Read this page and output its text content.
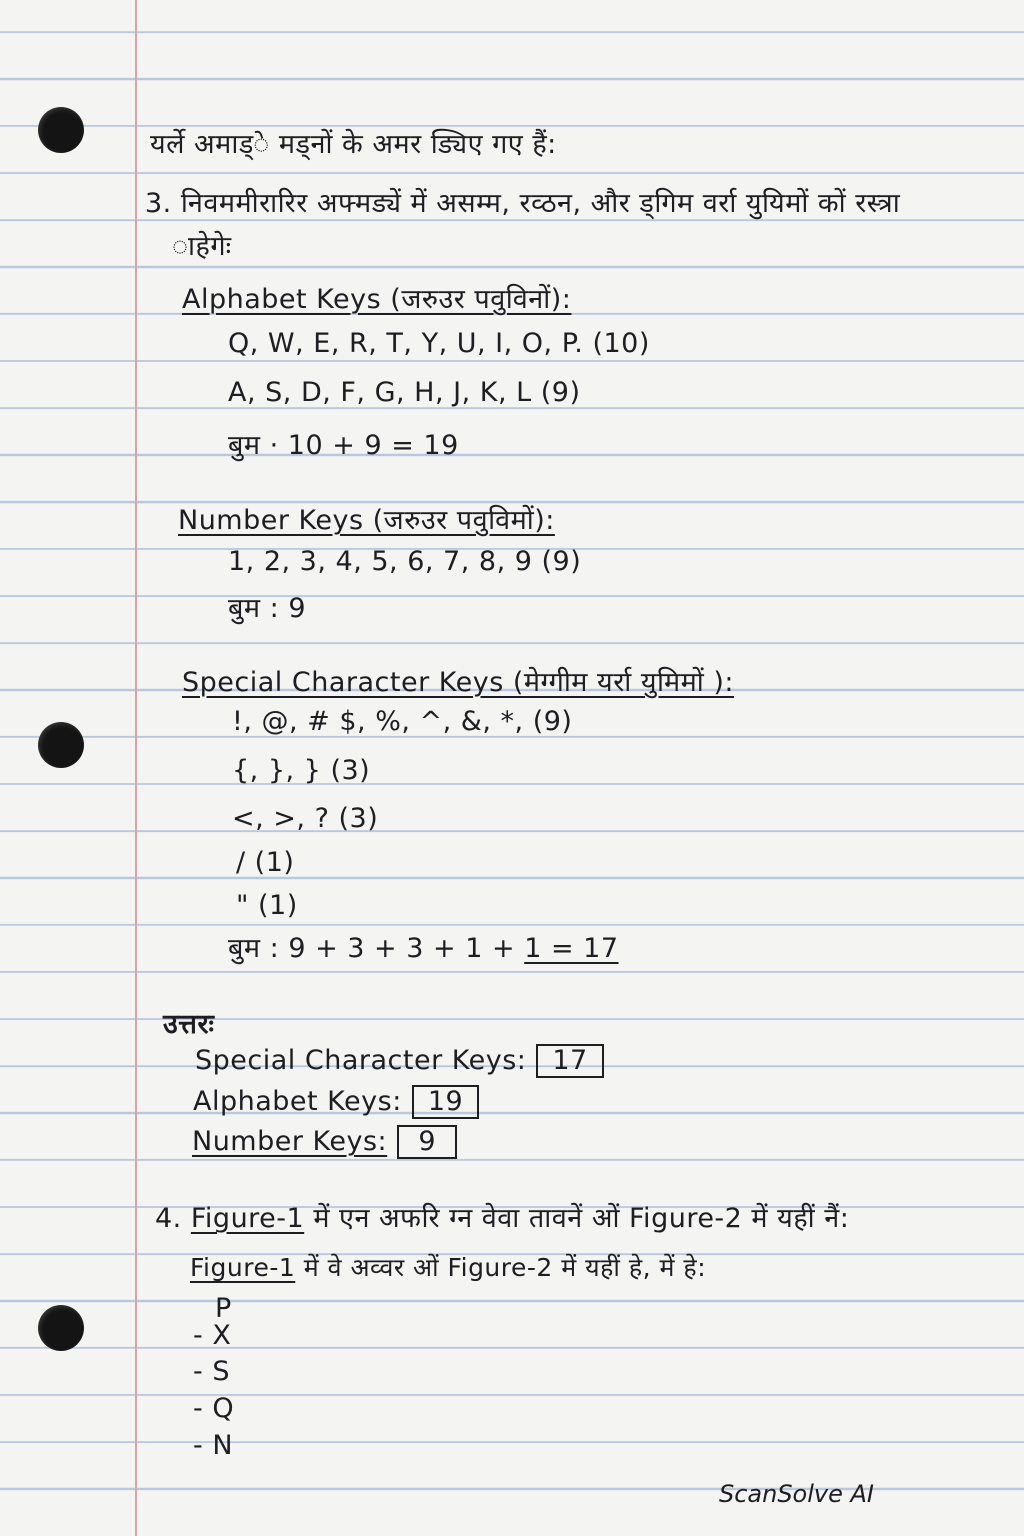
यर्ले अमाड्े मड्नों के अमर ड्यिए गए हैं:
3. निवममीरारिर अफ्मड्यें में असम्म, रव्ठन, और ड्गिम वर्रा युयिमों कों रस्त्रा
ाहेगेः
Alphabet Keys (जरुउर पवुविनों):
Q, W, E, R, T, Y, U, I, O, P. (10)
A, S, D, F, G, H, J, K, L (9)
बुम · 10 + 9 = 19
Number Keys (जरुउर पवुविमों):
1, 2, 3, 4, 5, 6, 7, 8, 9 (9)
बुम : 9
Special Character Keys (मेग्गीम यर्रा युमिमों ):
!, @, # $, %, ^, &, *, (9)
{, }, } (3)
<, >, ? (3)
/ (1)
" (1)
बुम : 9 + 3 + 3 + 1 + 1 = 17
उत्तरः
Special Character Keys: 17
Alphabet Keys: 19
Number Keys: 9
4. Figure-1 में एन अफरि ग्न वेवा तावनें ओं Figure-2 में यहीं नैं:
Figure-1 में वे अव्वर ओं Figure-2 में यहीं हे, में हे:
P
- X
- S
- Q
- N
ScanSolve AI
